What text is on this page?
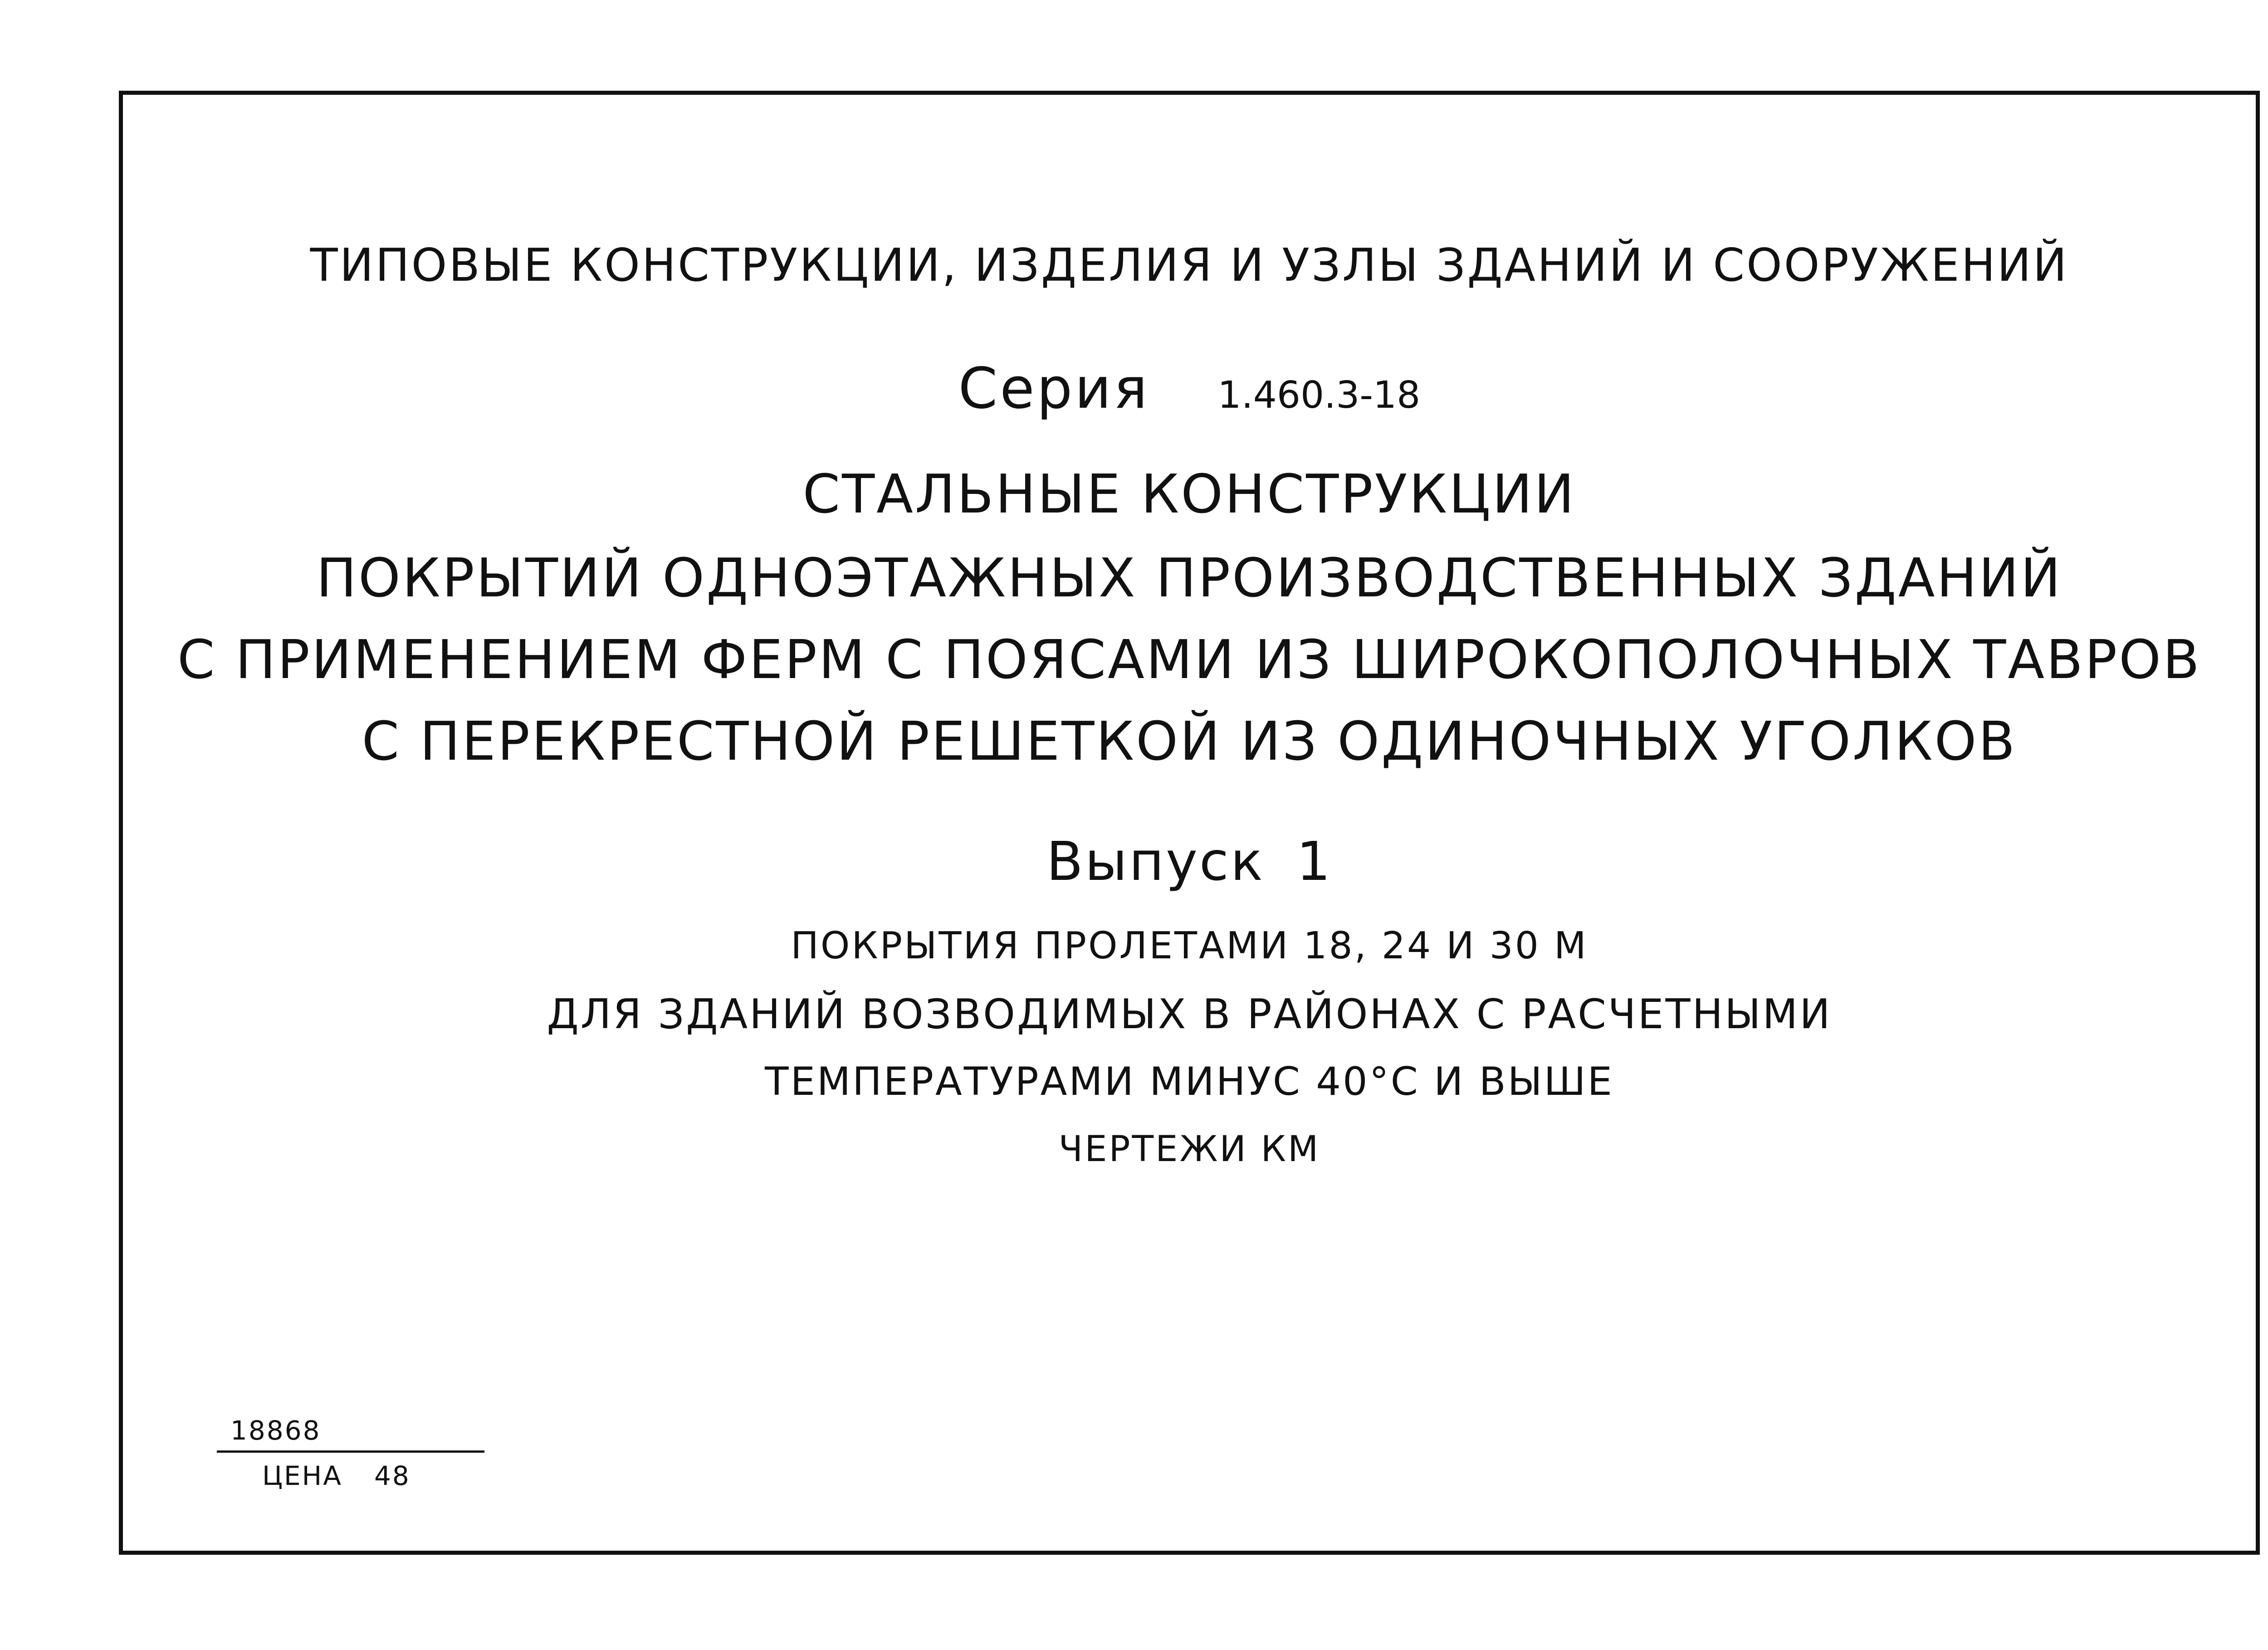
ТИПОВЫЕ КОНСТРУКЦИИ, ИЗДЕЛИЯ И УЗЛЫ ЗДАНИЙ И СООРУЖЕНИЙ
Серия 1.460.3-18
СТАЛЬНЫЕ КОНСТРУКЦИИ
ПОКРЫТИЙ ОДНОЭТАЖНЫХ ПРОИЗВОДСТВЕННЫХ ЗДАНИЙ
С ПРИМЕНЕНИЕМ ФЕРМ С ПОЯСАМИ ИЗ ШИРОКОПОЛОЧНЫХ ТАВРОВ
С ПЕРЕКРЕСТНОЙ РЕШЕТКОЙ ИЗ ОДИНОЧНЫХ УГОЛКОВ
Выпуск 1
ПОКРЫТИЯ ПРОЛЕТАМИ 18, 24 И 30 М
ДЛЯ ЗДАНИЙ ВОЗВОДИМЫХ В РАЙОНАХ С РАСЧЕТНЫМИ
ТЕМПЕРАТУРАМИ МИНУС 40°С И ВЫШЕ
ЧЕРТЕЖИ КМ
18868
ЦЕНА 48
